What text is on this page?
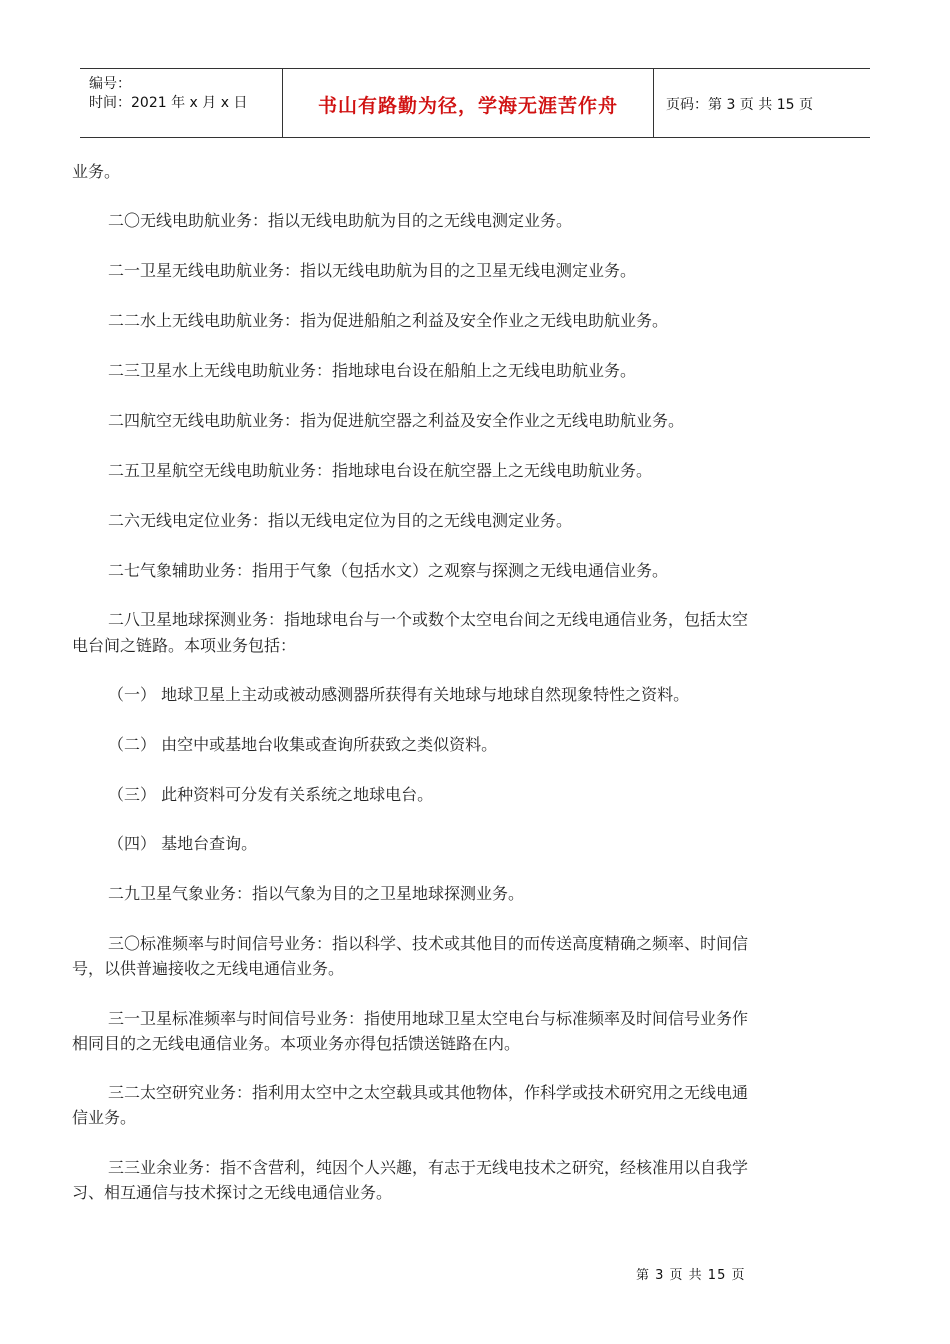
编号：
时间：2021 年 x 月 x 日	书山有路勤为径，学海无涯苦作舟	页码：第 3 页 共 15 页

业务。

二〇无线电助航业务：指以无线电助航为目的之无线电测定业务。

二一卫星无线电助航业务：指以无线电助航为目的之卫星无线电测定业务。

二二水上无线电助航业务：指为促进船舶之利益及安全作业之无线电助航业务。

二三卫星水上无线电助航业务：指地球电台设在船舶上之无线电助航业务。

二四航空无线电助航业务：指为促进航空器之利益及安全作业之无线电助航业务。

二五卫星航空无线电助航业务：指地球电台设在航空器上之无线电助航业务。

二六无线电定位业务：指以无线电定位为目的之无线电测定业务。

二七气象辅助业务：指用于气象（包括水文）之观察与探测之无线电通信业务。

二八卫星地球探测业务：指地球电台与一个或数个太空电台间之无线电通信业务，包括太空

电台间之链路。本项业务包括：

（一） 地球卫星上主动或被动感测器所获得有关地球与地球自然现象特性之资料。

（二） 由空中或基地台收集或查询所获致之类似资料。

（三） 此种资料可分发有关系统之地球电台。

（四） 基地台查询。

二九卫星气象业务：指以气象为目的之卫星地球探测业务。

三〇标准频率与时间信号业务：指以科学、技术或其他目的而传送高度精确之频率、时间信

号，以供普遍接收之无线电通信业务。

三一卫星标准频率与时间信号业务：指使用地球卫星太空电台与标准频率及时间信号业务作

相同目的之无线电通信业务。本项业务亦得包括馈送链路在内。

三二太空研究业务：指利用太空中之太空载具或其他物体，作科学或技术研究用之无线电通

信业务。

三三业余业务：指不含营利，纯因个人兴趣，有志于无线电技术之研究，经核准用以自我学

习、相互通信与技术探讨之无线电通信业务。

第 3 页 共 15 页
